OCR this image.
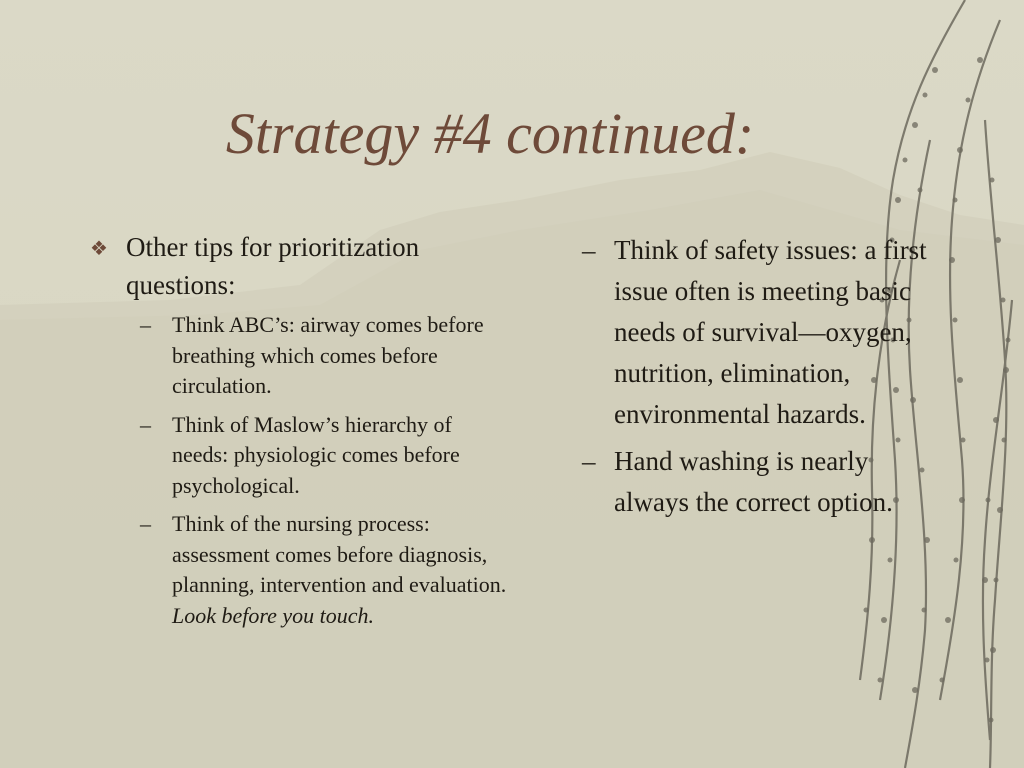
Strategy #4 continued:
❖ Other tips for prioritization questions:
– Think ABC’s: airway comes before breathing which comes before circulation.
– Think of Maslow’s hierarchy of needs: physiologic comes before psychological.
– Think of the nursing process: assessment comes before diagnosis, planning, intervention and evaluation. Look before you touch.
– Think of safety issues: a first issue often is meeting basic needs of survival—oxygen, nutrition, elimination, environmental hazards.
– Hand washing is nearly always the correct option.
